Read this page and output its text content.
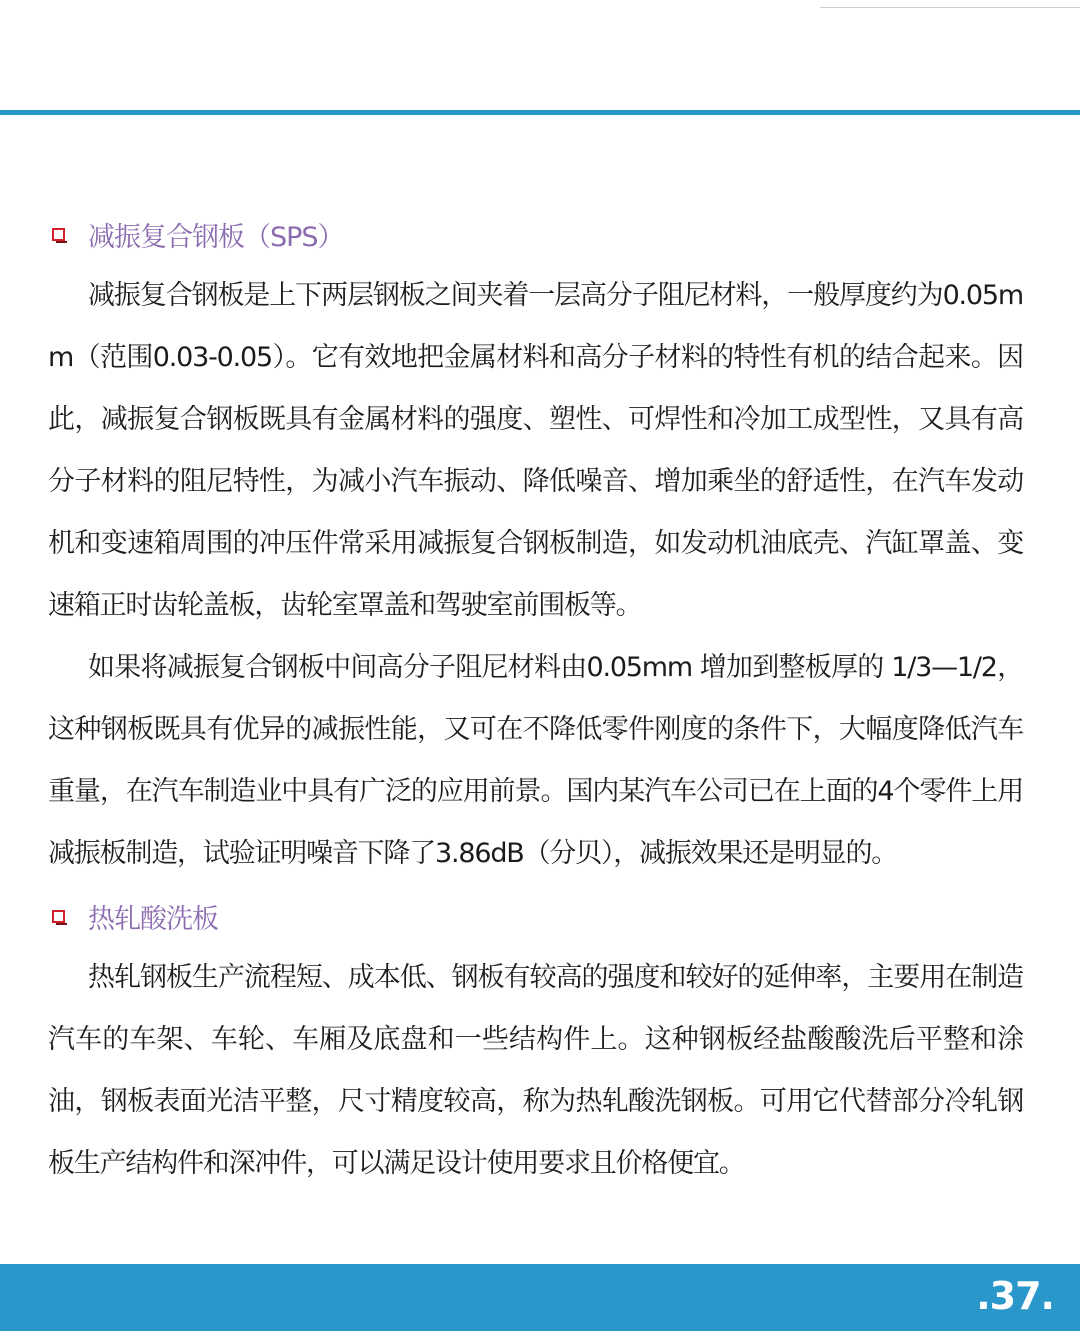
减振复合钢板（SPS）

减振复合钢板是上下两层钢板之间夹着一层高分子阻尼材料，一般厚度约为0.05mm（范围0.03-0.05）。它有效地把金属材料和高分子材料的特性有机的结合起来。因此，减振复合钢板既具有金属材料的强度、塑性、可焊性和冷加工成型性，又具有高分子材料的阻尼特性，为减小汽车振动、降低噪音、增加乘坐的舒适性，在汽车发动机和变速箱周围的冲压件常采用减振复合钢板制造，如发动机油底壳、汽缸罩盖、变速箱正时齿轮盖板，齿轮室罩盖和驾驶室前围板等。

如果将减振复合钢板中间高分子阻尼材料由0.05mm 增加到整板厚的 1/3—1/2，这种钢板既具有优异的减振性能，又可在不降低零件刚度的条件下，大幅度降低汽车重量，在汽车制造业中具有广泛的应用前景。国内某汽车公司已在上面的4个零件上用减振板制造，试验证明噪音下降了3.86dB（分贝），减振效果还是明显的。

热轧酸洗板

热轧钢板生产流程短、成本低、钢板有较高的强度和较好的延伸率，主要用在制造汽车的车架、车轮、车厢及底盘和一些结构件上。这种钢板经盐酸酸洗后平整和涂油，钢板表面光洁平整，尺寸精度较高，称为热轧酸洗钢板。可用它代替部分冷轧钢板生产结构件和深冲件，可以满足设计使用要求且价格便宜。

.37.
